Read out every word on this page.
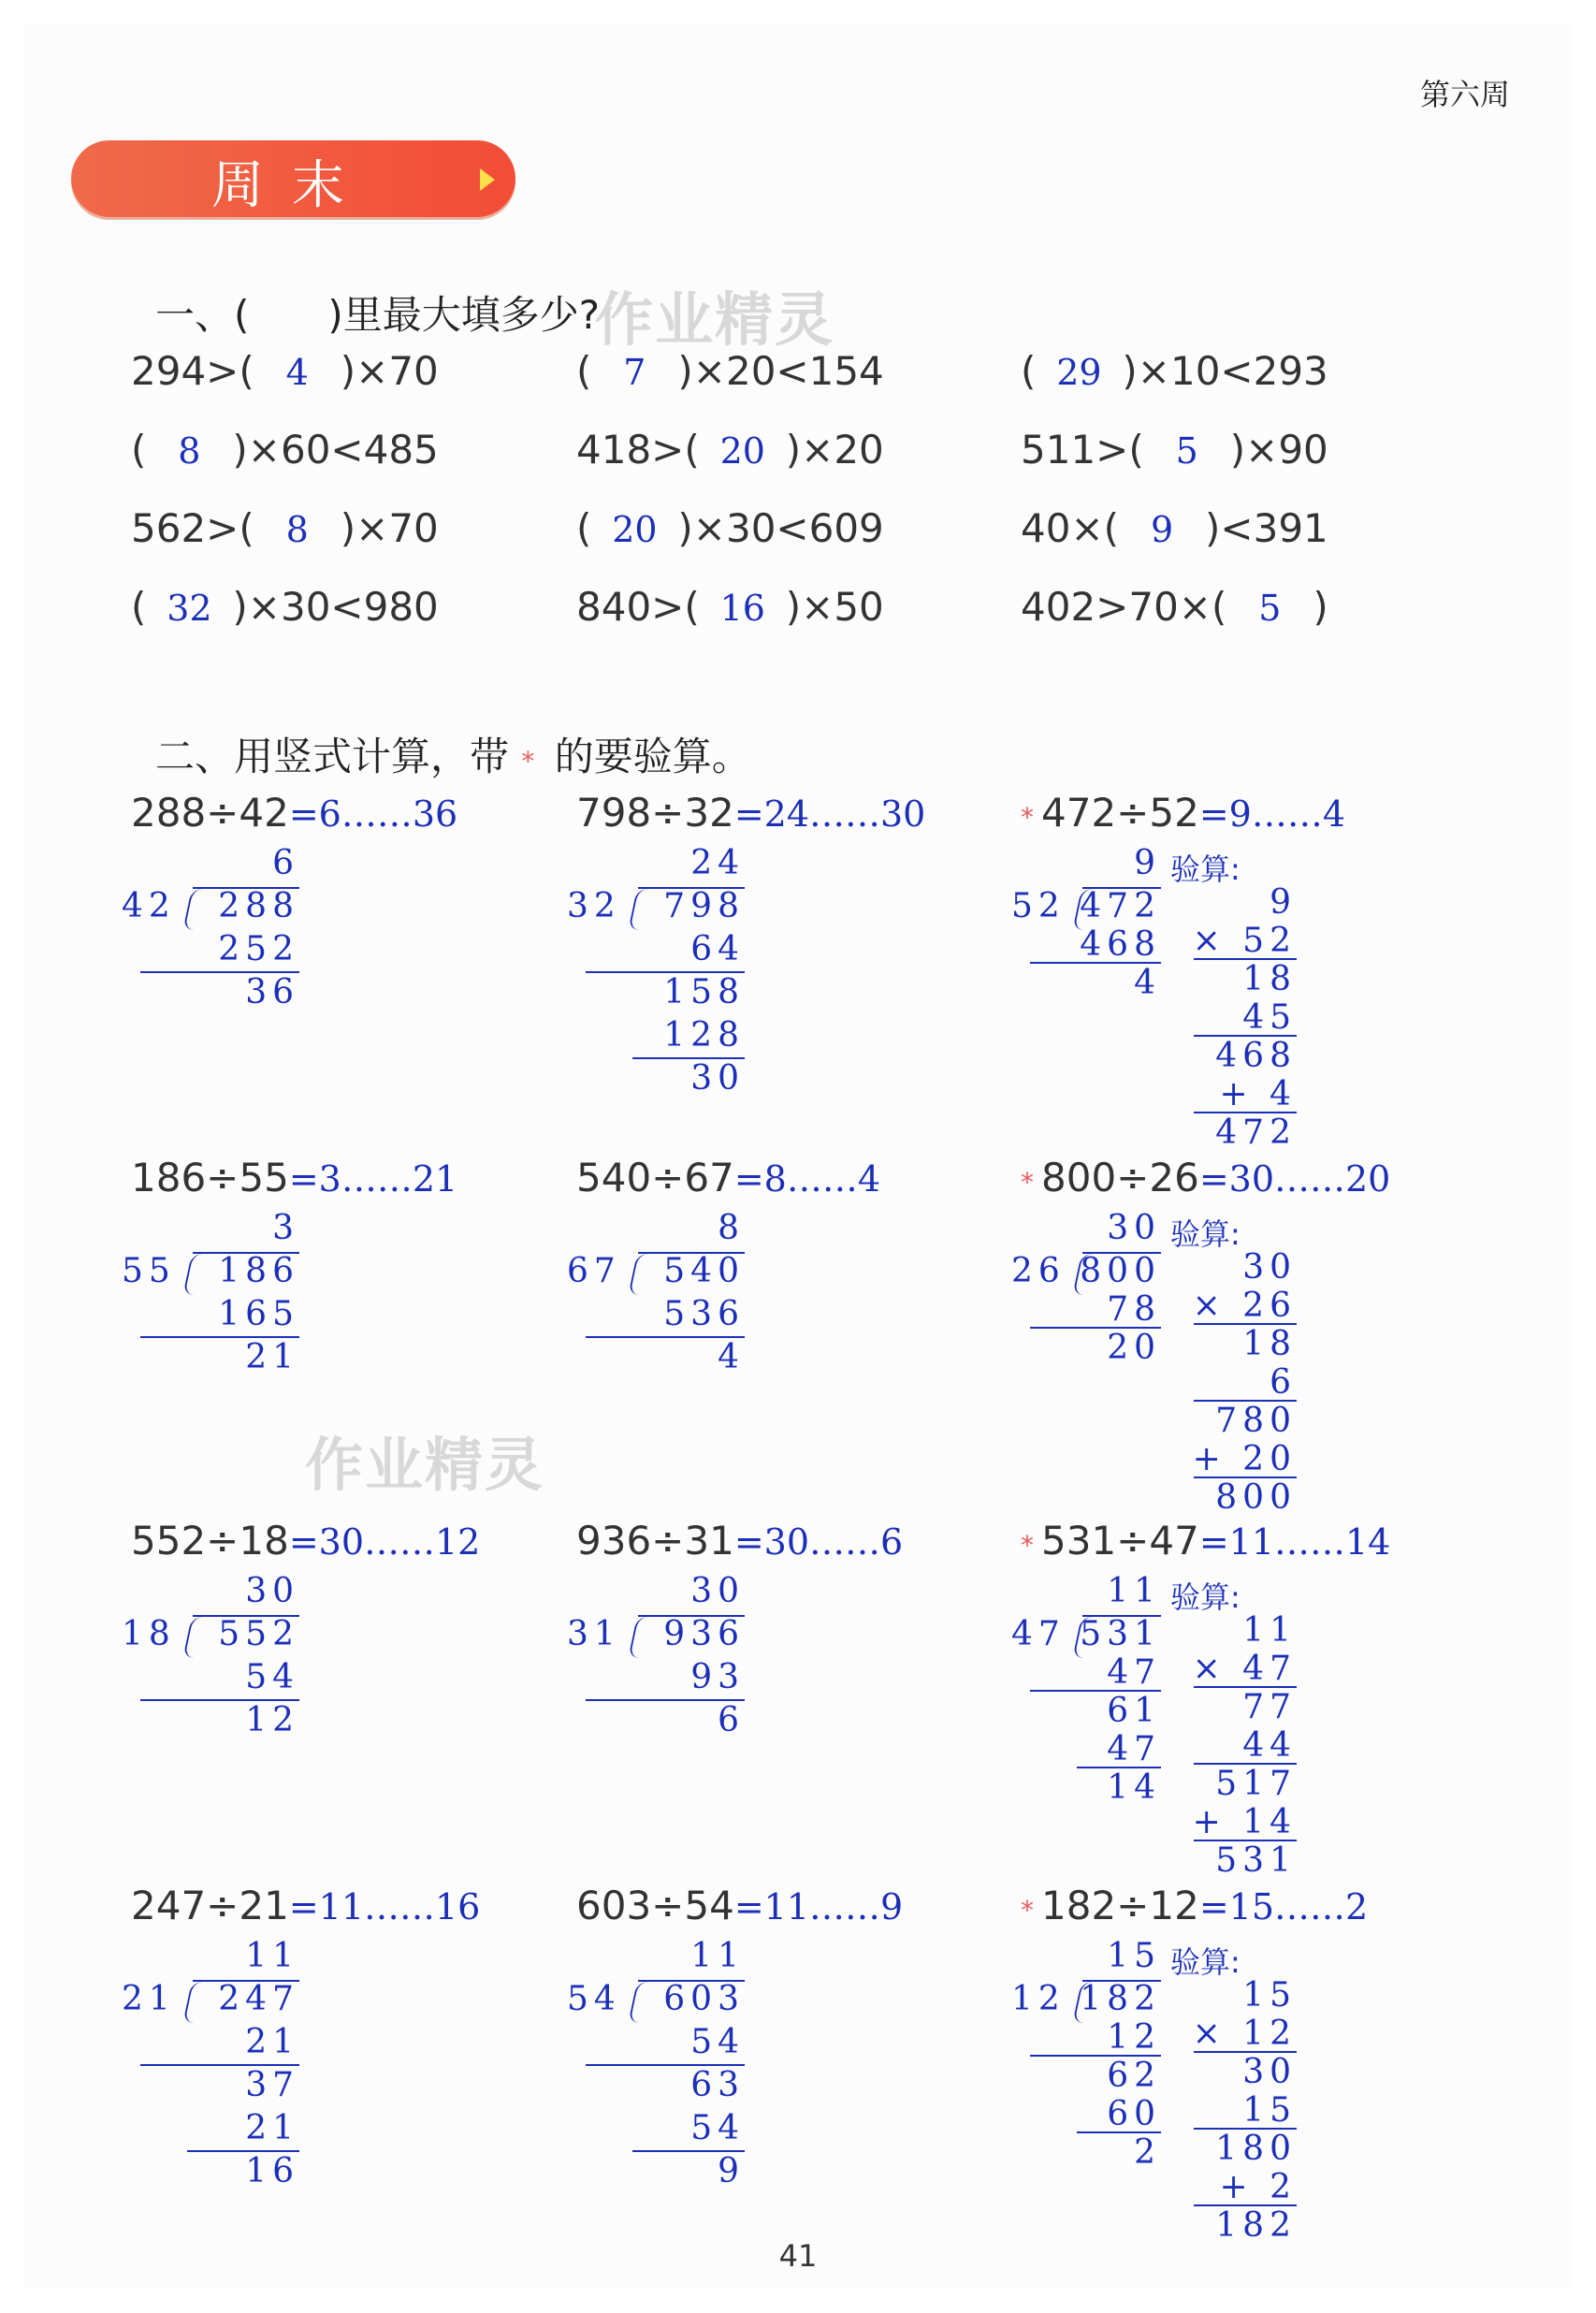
第六周
周末
一、(　　)里最大填多少?
作业精灵
294>( 4 )×70	( 7 )×20<154	( 29 )×10<293
( 8 )×60<485	418>( 20 )×20	511>( 5 )×90
562>( 8 )×70	( 20 )×30<609	40×( 9 )<391
( 32 )×30<980	840>( 16 )×50	402>70×( 5 )
二、用竖式计算，带 * 的要验算。
288÷42=6……36
6
42 288
252
36
798÷32=24……30
24
32 798
64
158
128
30
* 472÷52=9……4
9
52 472
468
4
验算:
9
× 52
18
45
468
+ 4
472
186÷55=3……21
3
55 186
165
21
540÷67=8……4
8
67 540
536
4
* 800÷26=30……20
30
26 800
78
20
验算:
30
× 26
18
6
780
+ 20
800
552÷18=30……12
30
18 552
54
12
936÷31=30……6
30
31 936
93
6
* 531÷47=11……14
11
47 531
47
61
47
14
验算:
11
× 47
77
44
517
+ 14
531
247÷21=11……16
11
21 247
21
37
21
16
603÷54=11……9
11
54 603
54
63
54
9
* 182÷12=15……2
15
12 182
12
62
60
2
验算:
15
× 12
30
15
180
+ 2
182
作业精灵
41
